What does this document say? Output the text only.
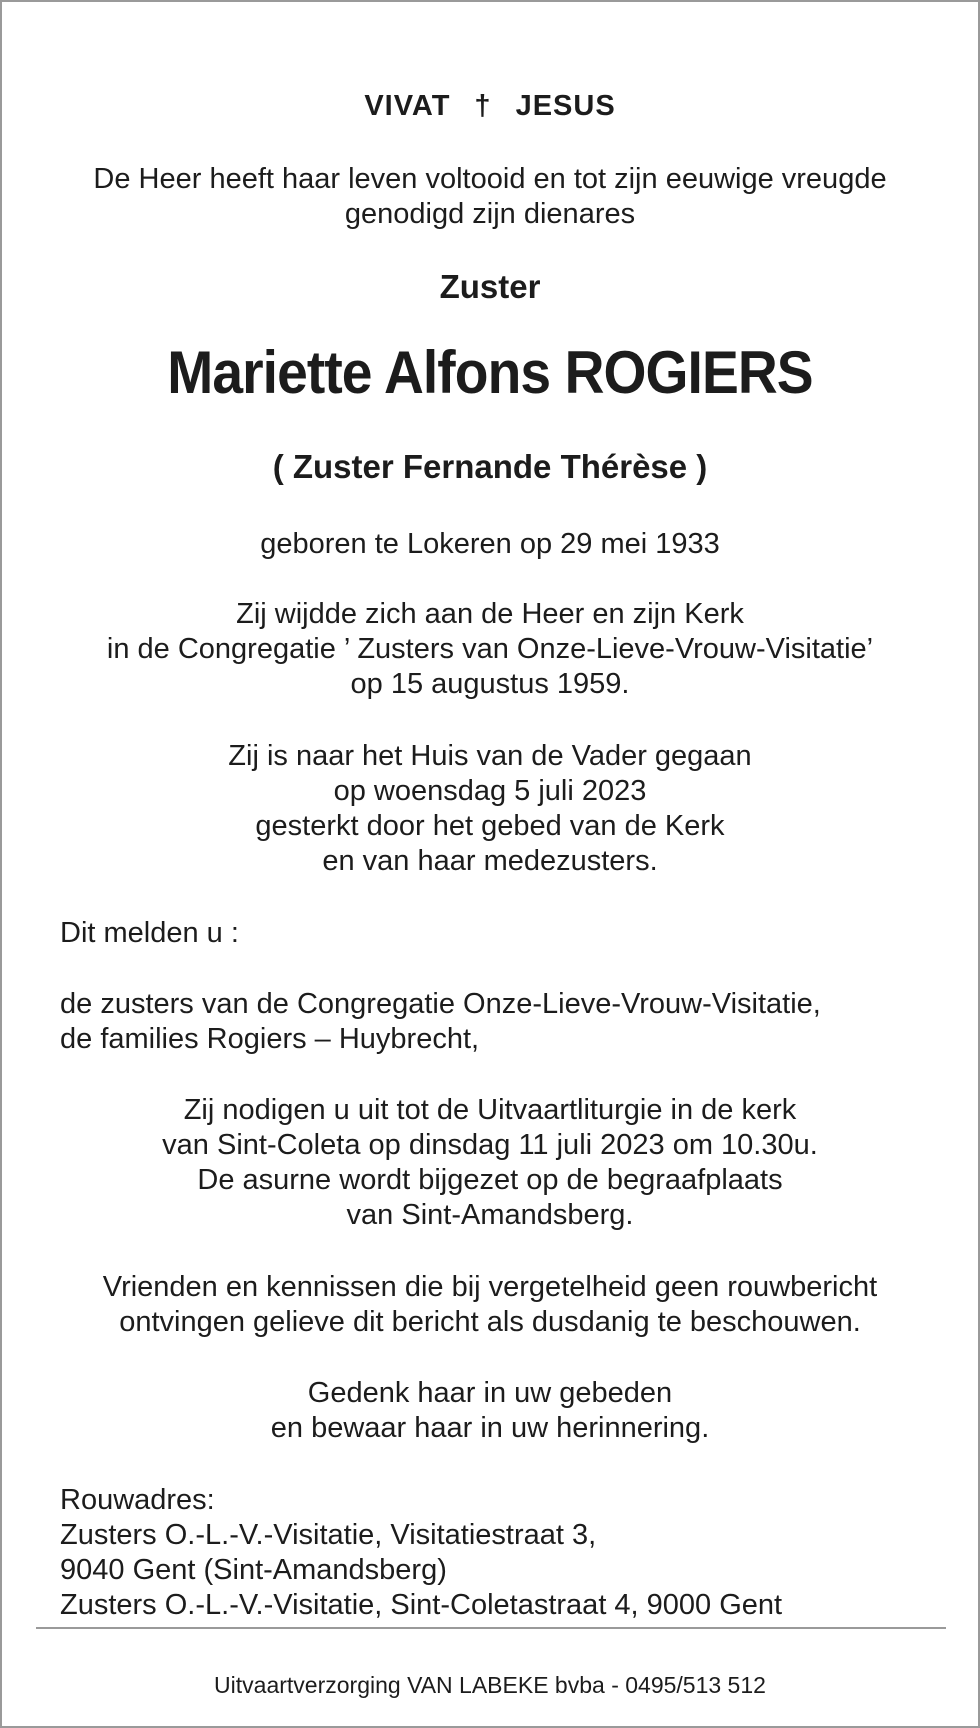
VIVAT † JESUS
De Heer heeft haar leven voltooid en tot zijn eeuwige vreugde
genodigd zijn dienares
Zuster
Mariette Alfons ROGIERS
( Zuster Fernande Thérèse )
geboren te Lokeren op 29 mei 1933
Zij wijdde zich aan de Heer en zijn Kerk
in de Congregatie ’ Zusters van Onze-Lieve-Vrouw-Visitatie’
op 15 augustus 1959.
Zij is naar het Huis van de Vader gegaan
op woensdag 5 juli 2023
gesterkt door het gebed van de Kerk
en van haar medezusters.
Dit melden u :
de zusters van de Congregatie Onze-Lieve-Vrouw-Visitatie,
de families Rogiers – Huybrecht,
Zij nodigen u uit tot de Uitvaartliturgie in de kerk
van Sint-Coleta op dinsdag 11 juli 2023 om 10.30u.
De asurne wordt bijgezet op de begraafplaats
van Sint-Amandsberg.
Vrienden en kennissen die bij vergetelheid geen rouwbericht
ontvingen gelieve dit bericht als dusdanig te beschouwen.
Gedenk haar in uw gebeden
en bewaar haar in uw herinnering.
Rouwadres:
Zusters O.-L.-V.-Visitatie, Visitatiestraat 3,
9040 Gent (Sint-Amandsberg)
Zusters O.-L.-V.-Visitatie, Sint-Coletastraat 4, 9000 Gent
Uitvaartverzorging VAN LABEKE bvba - 0495/513 512
